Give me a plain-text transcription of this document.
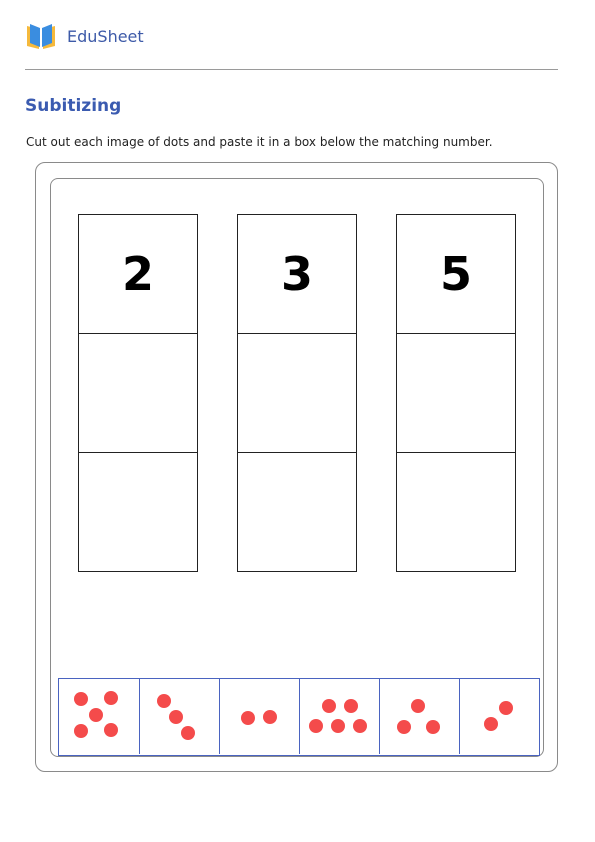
EduSheet
Subitizing
Cut out each image of dots and paste it in a box below the matching number.
2	3	5
